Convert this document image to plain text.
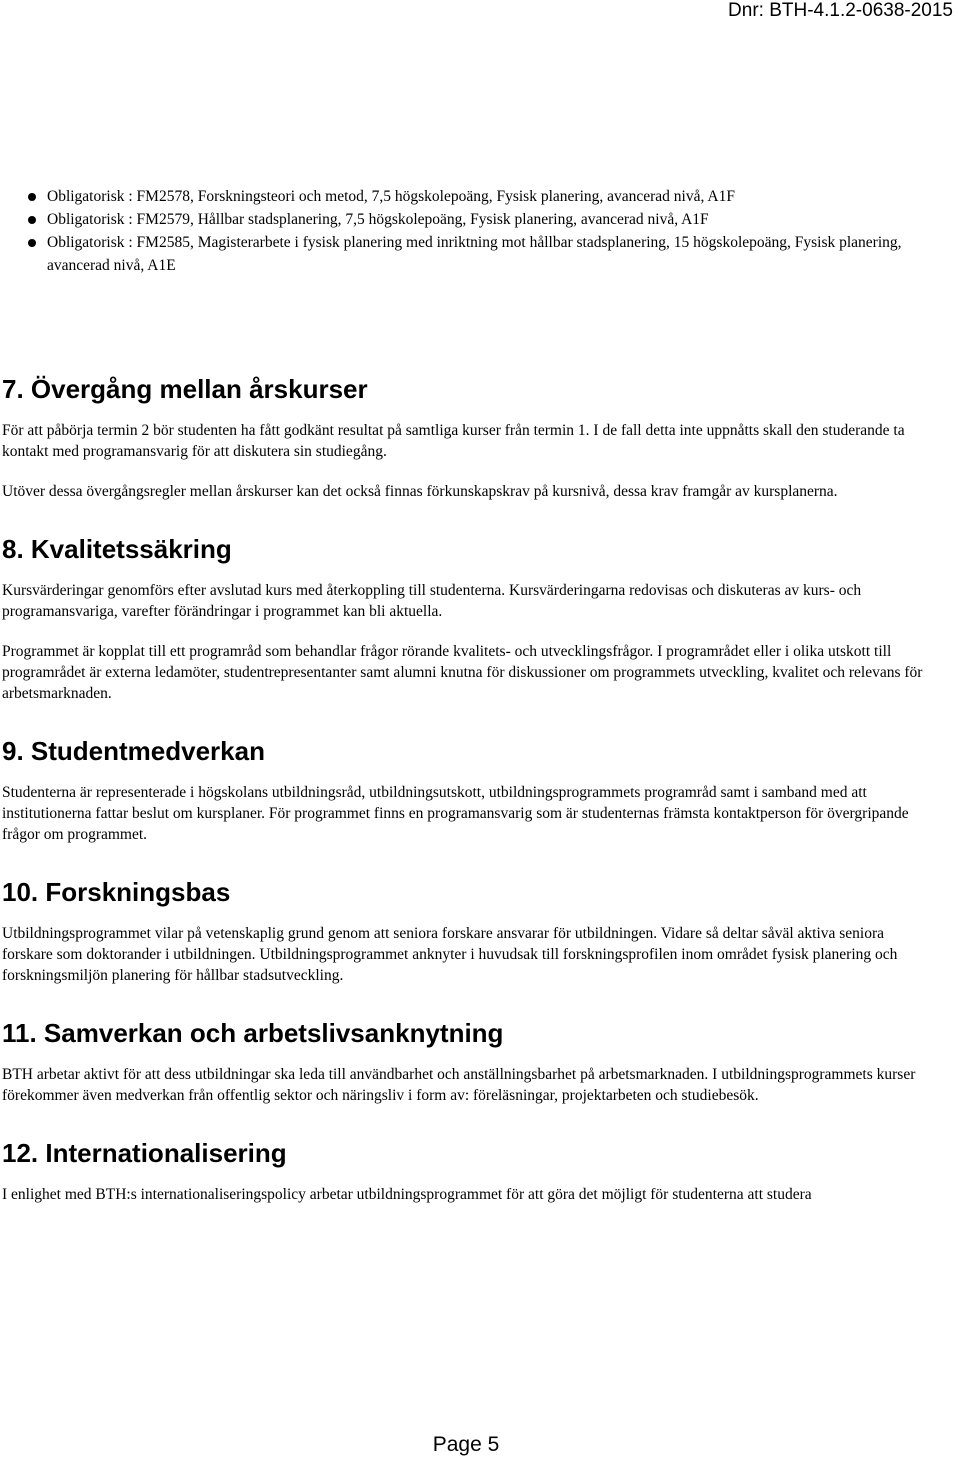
Dnr: BTH-4.1.2-0638-2015
Obligatorisk : FM2578, Forskningsteori och metod, 7,5 högskolepoäng, Fysisk planering, avancerad nivå, A1F
Obligatorisk : FM2579, Hållbar stadsplanering, 7,5 högskolepoäng, Fysisk planering, avancerad nivå, A1F
Obligatorisk : FM2585, Magisterarbete i fysisk planering med inriktning mot hållbar stadsplanering, 15 högskolepoäng, Fysisk planering, avancerad nivå, A1E
7. Övergång mellan årskurser

För att påbörja termin 2 bör studenten ha fått godkänt resultat på samtliga kurser från termin 1. I de fall detta inte uppnåtts skall den studerande ta kontakt med programansvarig för att diskutera sin studiegång.

Utöver dessa övergångsregler mellan årskurser kan det också finnas förkunskapskrav på kursnivå, dessa krav framgår av kursplanerna.

8. Kvalitetssäkring

Kursvärderingar genomförs efter avslutad kurs med återkoppling till studenterna. Kursvärderingarna redovisas och diskuteras av kurs- och programansvariga, varefter förändringar i programmet kan bli aktuella.

Programmet är kopplat till ett programråd som behandlar frågor rörande kvalitets- och utvecklingsfrågor. I programrådet eller i olika utskott till programrådet är externa ledamöter, studentrepresentanter samt alumni knutna för diskussioner om programmets utveckling, kvalitet och relevans för arbetsmarknaden.

9. Studentmedverkan

Studenterna är representerade i högskolans utbildningsråd, utbildningsutskott, utbildningsprogrammets programråd samt i samband med att institutionerna fattar beslut om kursplaner. För programmet finns en programansvarig som är studenternas främsta kontaktperson för övergripande frågor om programmet.

10. Forskningsbas

Utbildningsprogrammet vilar på vetenskaplig grund genom att seniora forskare ansvarar för utbildningen. Vidare så deltar såväl aktiva seniora forskare som doktorander i utbildningen. Utbildningsprogrammet anknyter i huvudsak till forskningsprofilen inom området fysisk planering och forskningsmiljön planering för hållbar stadsutveckling.

11. Samverkan och arbetslivsanknytning

BTH arbetar aktivt för att dess utbildningar ska leda till användbarhet och anställningsbarhet på arbetsmarknaden. I utbildningsprogrammets kurser förekommer även medverkan från offentlig sektor och näringsliv i form av: föreläsningar, projektarbeten och studiebesök.

12. Internationalisering

I enlighet med BTH:s internationaliseringspolicy arbetar utbildningsprogrammet för att göra det möjligt för studenterna att studera

Page 5
